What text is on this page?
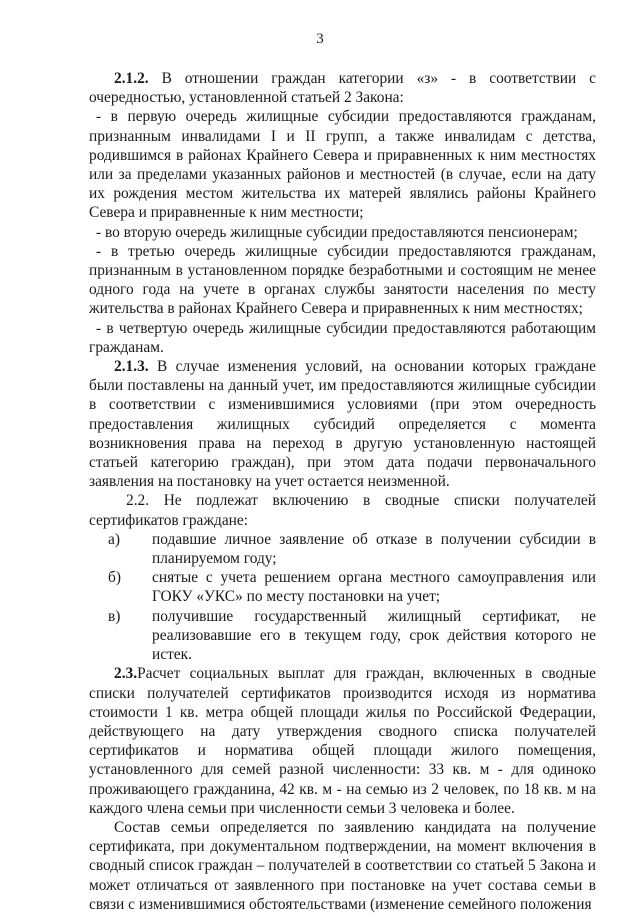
3

2.1.2. В отношении граждан категории «з» - в соответствии с очередностью, установленной статьей 2 Закона:

- в первую очередь жилищные субсидии предоставляются гражданам, признанным инвалидами I и II групп, а также инвалидам с детства, родившимся в районах Крайнего Севера и приравненных к ним местностях или за пределами указанных районов и местностей (в случае, если на дату их рождения местом жительства их матерей являлись районы Крайнего Севера и приравненные к ним местности;

- во вторую очередь жилищные субсидии предоставляются пенсионерам;

- в третью очередь жилищные субсидии предоставляются гражданам, признанным в установленном порядке безработными и состоящим не менее одного года на учете в органах службы занятости населения по месту жительства в районах Крайнего Севера и приравненных к ним местностях;

- в четвертую очередь жилищные субсидии предоставляются работающим гражданам.

2.1.3. В случае изменения условий, на основании которых граждане были поставлены на данный учет, им предоставляются жилищные субсидии в соответствии с изменившимися условиями (при этом очередность предоставления жилищных субсидий определяется с момента возникновения права на переход в другую установленную настоящей статьей категорию граждан), при этом дата подачи первоначального заявления на постановку на учет остается неизменной.

2.2. Не подлежат включению в сводные списки получателей сертификатов граждане:

а)	подавшие личное заявление об отказе в получении субсидии в планируемом году;
б)	снятые с учета решением органа местного самоуправления или ГОКУ «УКС» по месту постановки на учет;
в)	получившие государственный жилищный сертификат, не реализовавшие его в текущем году, срок действия которого не истек.

2.3.Расчет социальных выплат для граждан, включенных в сводные списки получателей сертификатов производится исходя из норматива стоимости 1 кв. метра общей площади жилья по Российской Федерации, действующего на дату утверждения сводного списка получателей сертификатов и норматива общей площади жилого помещения, установленного для семей разной численности: 33 кв. м - для одиноко проживающего гражданина, 42 кв. м - на семью из 2 человек, по 18 кв. м на каждого члена семьи при численности семьи 3 человека и более.

Состав семьи определяется по заявлению кандидата на получение сертификата, при документальном подтверждении, на момент включения в сводный список граждан – получателей в соответствии со статьей 5 Закона и может отличаться от заявленного при постановке на учет состава семьи в связи с изменившимися обстоятельствами (изменение семейного положения
